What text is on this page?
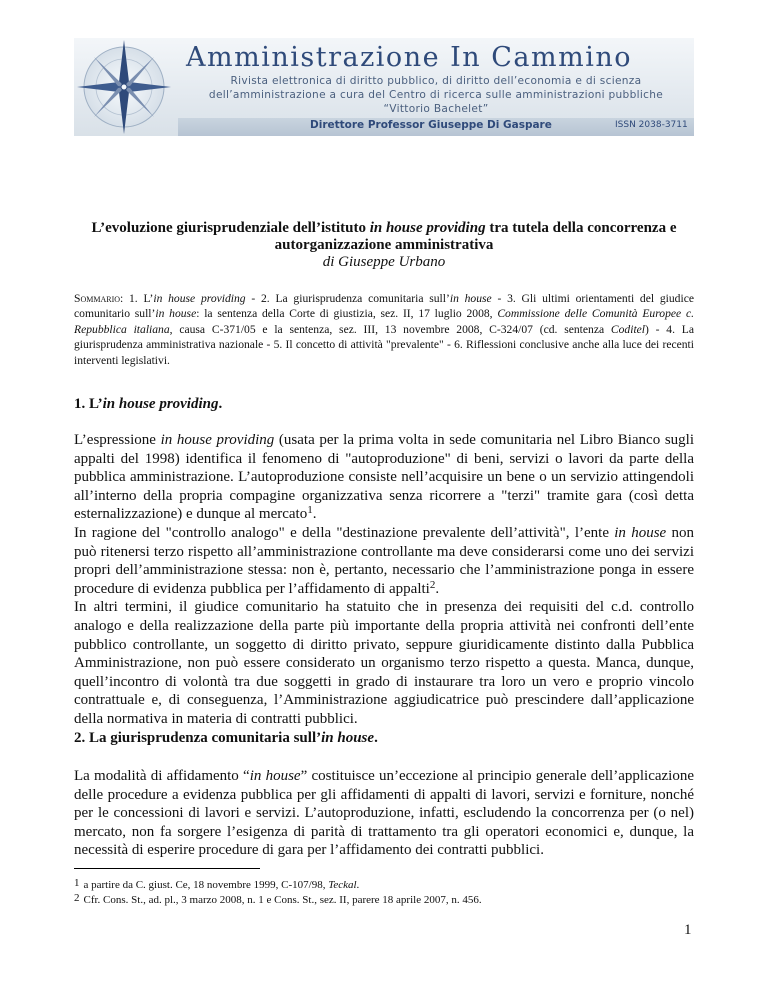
Amministrazione In Cammino
Rivista elettronica di diritto pubblico, di diritto dell’economia e di scienza
dell’amministrazione a cura del Centro di ricerca sulle amministrazioni pubbliche
“Vittorio Bachelet”
Direttore Professor Giuseppe Di Gaspare	ISSN 2038-3711
L’evoluzione giurisprudenziale dell’istituto in house providing tra tutela della concorrenza e autorganizzazione amministrativa
di Giuseppe Urbano
Sommario: 1. L’in house providing - 2. La giurisprudenza comunitaria sull’in house - 3. Gli ultimi orientamenti del giudice comunitario sull’in house: la sentenza della Corte di giustizia, sez. II, 17 luglio 2008, Commissione delle Comunità Europee c. Repubblica italiana, causa C-371/05 e la sentenza, sez. III, 13 novembre 2008, C-324/07 (cd. sentenza Coditel) - 4. La giurisprudenza amministrativa nazionale - 5. Il concetto di attività "prevalente" - 6. Riflessioni conclusive anche alla luce dei recenti interventi legislativi.
1. L’in house providing.
L’espressione in house providing (usata per la prima volta in sede comunitaria nel Libro Bianco sugli appalti del 1998) identifica il fenomeno di "autoproduzione" di beni, servizi o lavori da parte della pubblica amministrazione. L’autoproduzione consiste nell’acquisire un bene o un servizio attingendoli all’interno della propria compagine organizzativa senza ricorrere a "terzi" tramite gara (così detta esternalizzazione) e dunque al mercato$^1$.
In ragione del "controllo analogo" e della "destinazione prevalente dell’attività", l’ente in house non può ritenersi terzo rispetto all’amministrazione controllante ma deve considerarsi come uno dei servizi propri dell’amministrazione stessa: non è, pertanto, necessario che l’amministrazione ponga in essere procedure di evidenza pubblica per l’affidamento di appalti$^2$.
In altri termini, il giudice comunitario ha statuito che in presenza dei requisiti del c.d. controllo analogo e della realizzazione della parte più importante della propria attività nei confronti dell’ente pubblico controllante, un soggetto di diritto privato, seppure giuridicamente distinto dalla Pubblica Amministrazione, non può essere considerato un organismo terzo rispetto a questa. Manca, dunque, quell’incontro di volontà tra due soggetti in grado di instaurare tra loro un vero e proprio vincolo contrattuale e, di conseguenza, l’Amministrazione aggiudicatrice può prescindere dall’applicazione della normativa in materia di contratti pubblici.
2. La giurisprudenza comunitaria sull’in house.
La modalità di affidamento “in house” costituisce un’eccezione al principio generale dell’applicazione delle procedure a evidenza pubblica per gli affidamenti di appalti di lavori, servizi e forniture, nonché per le concessioni di lavori e servizi. L’autoproduzione, infatti, escludendo la concorrenza per (o nel) mercato, non fa sorgere l’esigenza di parità di trattamento tra gli operatori economici e, dunque, la necessità di esperire procedure di gara per l’affidamento dei contratti pubblici.
$^1$ a partire da C. giust. Ce, 18 novembre 1999, C-107/98, Teckal.
$^2$ Cfr. Cons. St., ad. pl., 3 marzo 2008, n. 1 e Cons. St., sez. II, parere 18 aprile 2007, n. 456.
1
